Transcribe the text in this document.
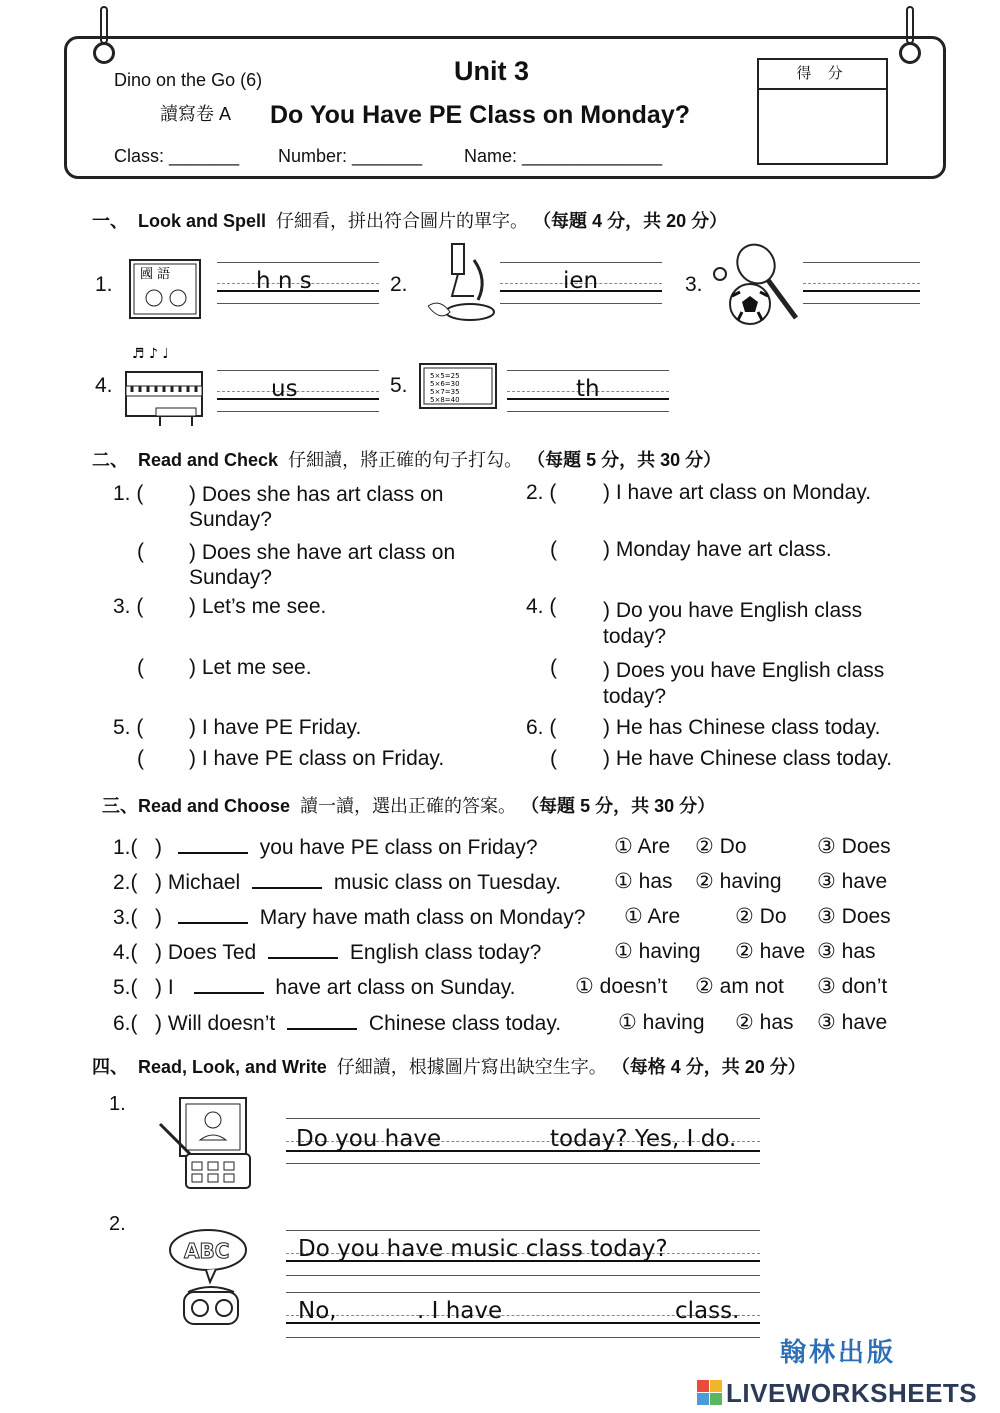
Dino on the Go (6)
讀寫卷 A
Unit 3
Do You Have PE Class on Monday?
Class: _______ Number: _______ Name: ______________
得 分
一、 Look and Spell 仔細看，拼出符合圖片的單字。 （每題 4 分，共 20 分）
1. 國 語	h n s	2.	ien	3.
4.
♬ ♪ ♩
us	5.	5×5=25
5×6=30
5×7=35
5×8=40	th
二、 Read and Check 仔細讀，將正確的句子打勾。 （每題 5 分，共 30 分）
1. ( ) Does she has art class on Sunday?
( ) Does she have art class on Sunday?
3. ( ) Let’s me see.
( ) Let me see.
5. ( ) I have PE Friday.
( ) I have PE class on Friday.
2. ( ) I have art class on Monday.
( ) Monday have art class.
4. ( ) Do you have English class today?
( ) Does you have English class today?
6. ( ) He has Chinese class today.
( ) He have Chinese class today.
三、Read and Choose 讀一讀，選出正確的答案。 （每題 5 分，共 30 分）
1.( )	you have PE class on Friday?	① Are ② Do	③ Does
2.( ) Michael	music class on Tuesday.	① has ② having ③ have
3.( )	Mary have math class on Monday? ① Are	② Do ③ Does
4.( ) Does Ted	English class today?	① having ② have ③ has
5.( ) I	have art class on Sunday.	① doesn’t ② am not ③ don’t
6.( ) Will doesn’t	Chinese class today.	① having ② has ③ have
四、 Read, Look, and Write 仔細讀，根據圖片寫出缺空生字。 （每格 4 分，共 20 分）
1.
Do you have	today? Yes, I do.
2.
ABC	Do you have music class today?
No,	. I have	class.
翰林出版
LIVEWORKSHEETS
